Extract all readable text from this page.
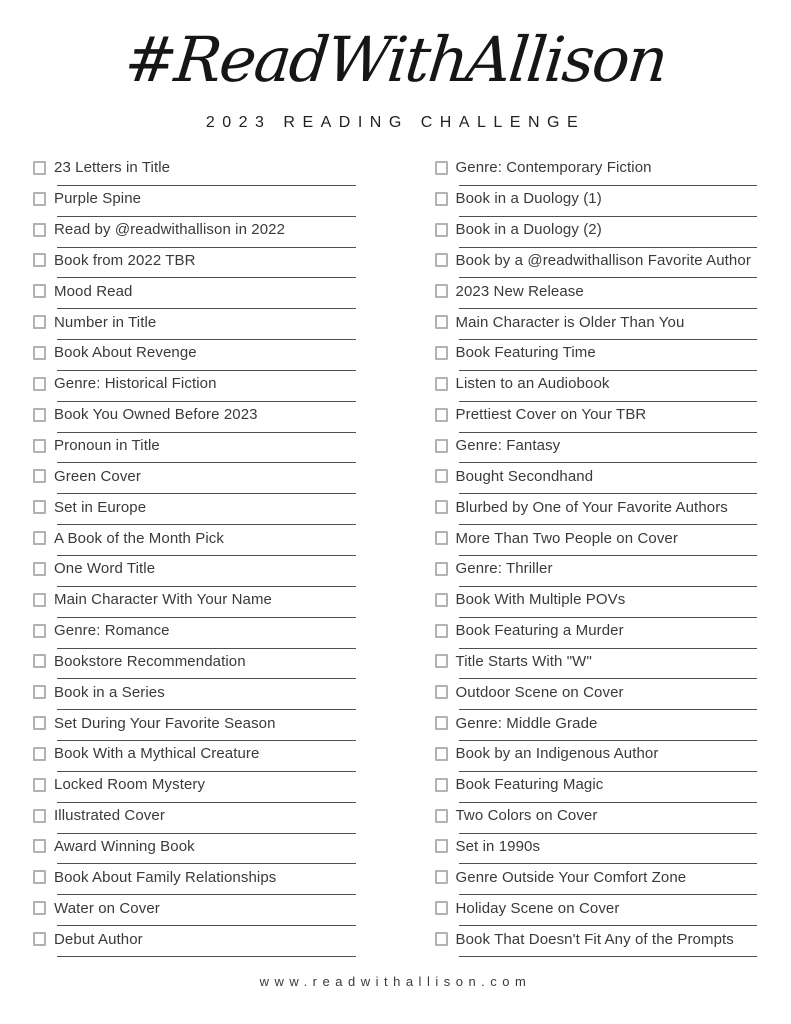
#ReadWithAllison
2023 READING CHALLENGE
23 Letters in Title
Purple Spine
Read by @readwithallison in 2022
Book from 2022 TBR
Mood Read
Number in Title
Book About Revenge
Genre: Historical Fiction
Book You Owned Before 2023
Pronoun in Title
Green Cover
Set in Europe
A Book of the Month Pick
One Word Title
Main Character With Your Name
Genre: Romance
Bookstore Recommendation
Book in a Series
Set During Your Favorite Season
Book With a Mythical Creature
Locked Room Mystery
Illustrated Cover
Award Winning Book
Book About Family Relationships
Water on Cover
Debut Author
Genre: Contemporary Fiction
Book in a Duology (1)
Book in a Duology (2)
Book by a @readwithallison Favorite Author
2023 New Release
Main Character is Older Than You
Book Featuring Time
Listen to an Audiobook
Prettiest Cover on Your TBR
Genre: Fantasy
Bought Secondhand
Blurbed by One of Your Favorite Authors
More Than Two People on Cover
Genre: Thriller
Book With Multiple POVs
Book Featuring a Murder
Title Starts With "W"
Outdoor Scene on Cover
Genre: Middle Grade
Book by an Indigenous Author
Book Featuring Magic
Two Colors on Cover
Set in 1990s
Genre Outside Your Comfort Zone
Holiday Scene on Cover
Book That Doesn't Fit Any of the Prompts
www.readwithallison.com
